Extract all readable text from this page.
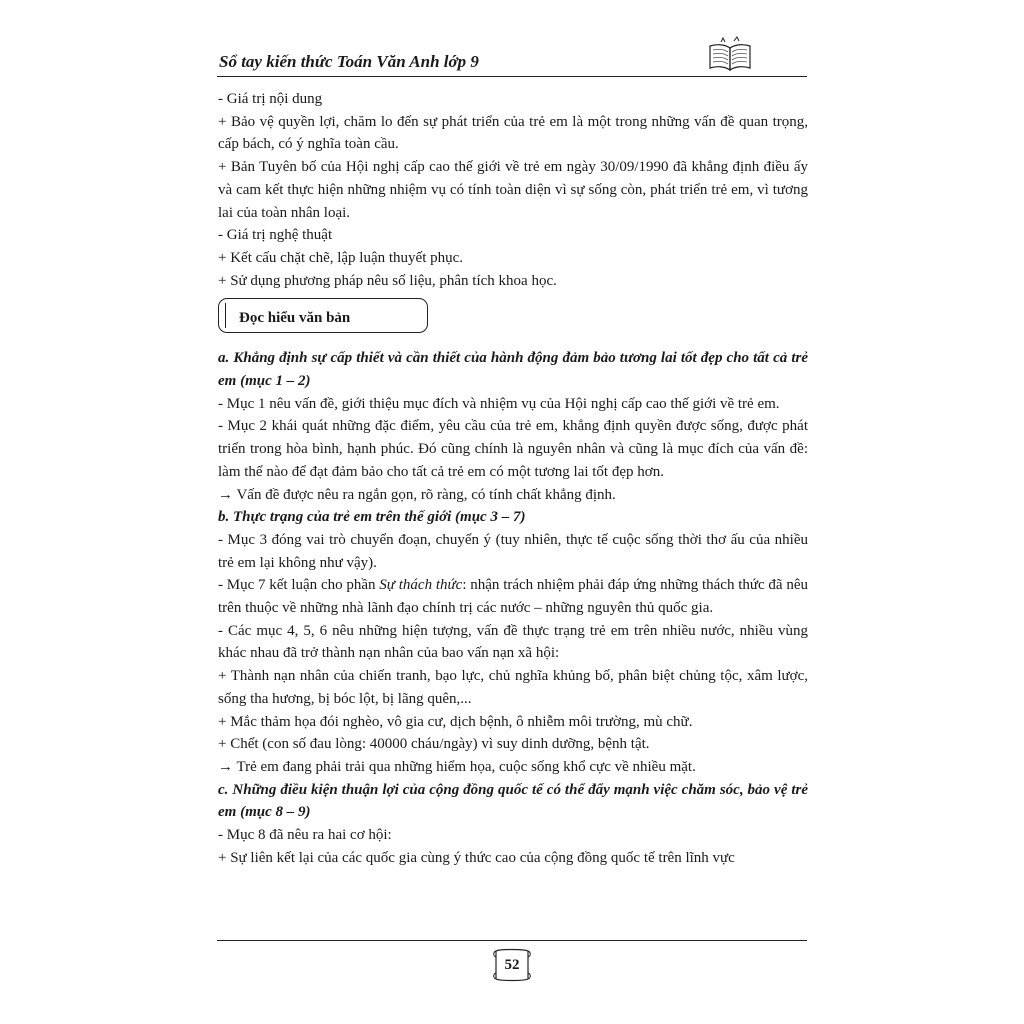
Sổ tay kiến thức Toán Văn Anh lớp 9

- Giá trị nội dung

+ Bảo vệ quyền lợi, chăm lo đến sự phát triển của trẻ em là một trong những vấn đề quan trọng, cấp bách, có ý nghĩa toàn cầu.

+ Bản Tuyên bố của Hội nghị cấp cao thế giới về trẻ em ngày 30/09/1990 đã khẳng định điều ấy và cam kết thực hiện những nhiệm vụ có tính toàn diện vì sự sống còn, phát triển trẻ em, vì tương lai của toàn nhân loại.

- Giá trị nghệ thuật

+ Kết cấu chặt chẽ, lập luận thuyết phục.

+ Sử dụng phương pháp nêu số liệu, phân tích khoa học.

Đọc hiểu văn bản

a. Khẳng định sự cấp thiết và cần thiết của hành động đảm bảo tương lai tốt đẹp cho tất cả trẻ em (mục 1 – 2)

- Mục 1 nêu vấn đề, giới thiệu mục đích và nhiệm vụ của Hội nghị cấp cao thế giới về trẻ em.

- Mục 2 khái quát những đặc điểm, yêu cầu của trẻ em, khẳng định quyền được sống, được phát triển trong hòa bình, hạnh phúc. Đó cũng chính là nguyên nhân và cũng là mục đích của vấn đề: làm thế nào để đạt đảm bảo cho tất cả trẻ em có một tương lai tốt đẹp hơn.

→ Vấn đề được nêu ra ngắn gọn, rõ ràng, có tính chất khẳng định.

b. Thực trạng của trẻ em trên thế giới (mục 3 – 7)

- Mục 3 đóng vai trò chuyển đoạn, chuyển ý (tuy nhiên, thực tế cuộc sống thời thơ ấu của nhiều trẻ em lại không như vậy).

- Mục 7 kết luận cho phần Sự thách thức: nhận trách nhiệm phải đáp ứng những thách thức đã nêu trên thuộc về những nhà lãnh đạo chính trị các nước – những nguyên thủ quốc gia.

- Các mục 4, 5, 6 nêu những hiện tượng, vấn đề thực trạng trẻ em trên nhiều nước, nhiều vùng khác nhau đã trở thành nạn nhân của bao vấn nạn xã hội:

+ Thành nạn nhân của chiến tranh, bạo lực, chủ nghĩa khủng bố, phân biệt chủng tộc, xâm lược, sống tha hương, bị bóc lột, bị lãng quên,...

+ Mắc thảm họa đói nghèo, vô gia cư, dịch bệnh, ô nhiễm môi trường, mù chữ.

+ Chết (con số đau lòng: 40000 cháu/ngày) vì suy dinh dưỡng, bệnh tật.

→ Trẻ em đang phải trải qua những hiểm họa, cuộc sống khổ cực về nhiều mặt.

c. Những điều kiện thuận lợi của cộng đồng quốc tế có thể đẩy mạnh việc chăm sóc, bảo vệ trẻ em (mục 8 – 9)

- Mục 8 đã nêu ra hai cơ hội:

+ Sự liên kết lại của các quốc gia cùng ý thức cao của cộng đồng quốc tế trên lĩnh vực

52
